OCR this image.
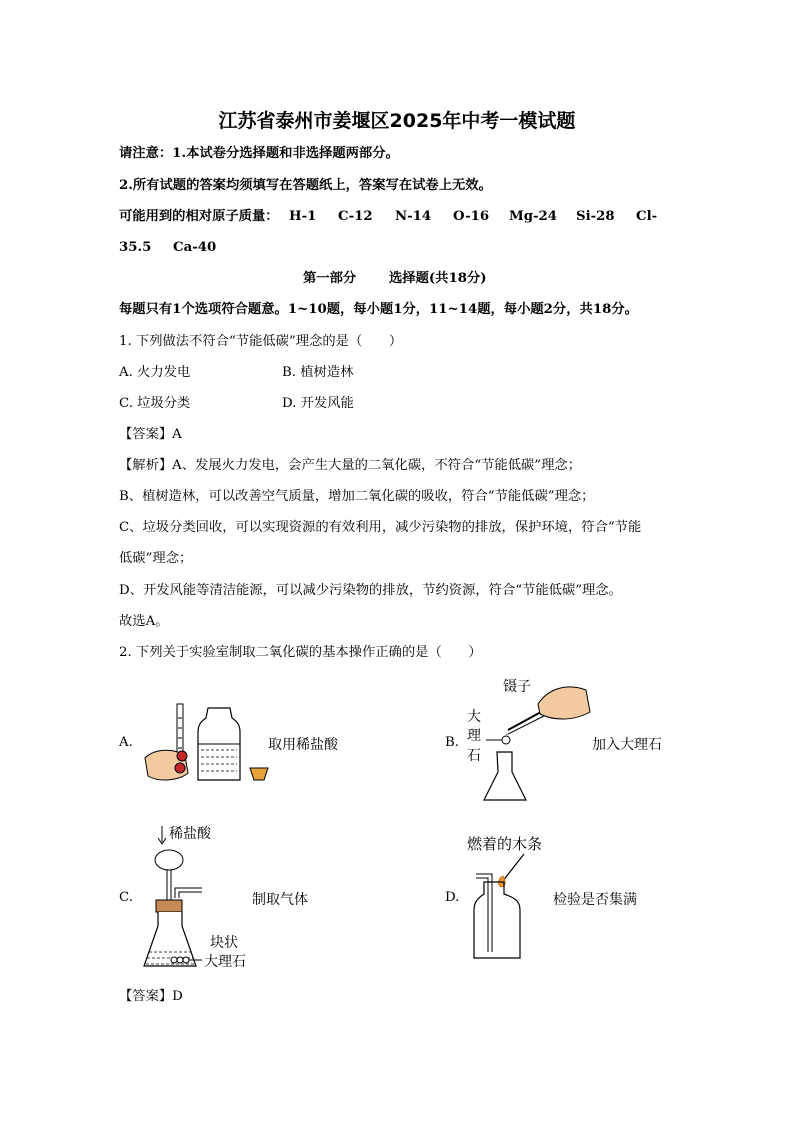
江苏省泰州市姜堰区2025年中考一模试题
请注意：1.本试卷分选择题和非选择题两部分。
2.所有试题的答案均须填写在答题纸上，答案写在试卷上无效。
可能用到的相对原子质量： H-1 C-12 N-14 O-16 Mg-24 Si-28 Cl-
35.5 Ca-40
第一部分 选择题(共18分)
每题只有1个选项符合题意。1~10题，每小题1分，11~14题，每小题2分，共18分。
1. 下列做法不符合“节能低碳”理念的是（　　）
A. 火力发电	B. 植树造林
C. 垃圾分类	D. 开发风能
【答案】A
【解析】A、发展火力发电，会产生大量的二氧化碳，不符合“节能低碳”理念；
B、植树造林，可以改善空气质量，增加二氧化碳的吸收，符合“节能低碳”理念；
C、垃圾分类回收，可以实现资源的有效利用，减少污染物的排放，保护环境，符合“节能
低碳”理念；
D、开发风能等清洁能源，可以减少污染物的排放，节约资源，符合“节能低碳”理念。
故选A。
2. 下列关于实验室制取二氧化碳的基本操作正确的是（　　）
A.	取用稀盐酸	B.
镊子
大
理
石
加入大理石
C.
稀盐酸
块状
大理石
制取气体	D.
燃着的木条
检验是否集满
【答案】D
